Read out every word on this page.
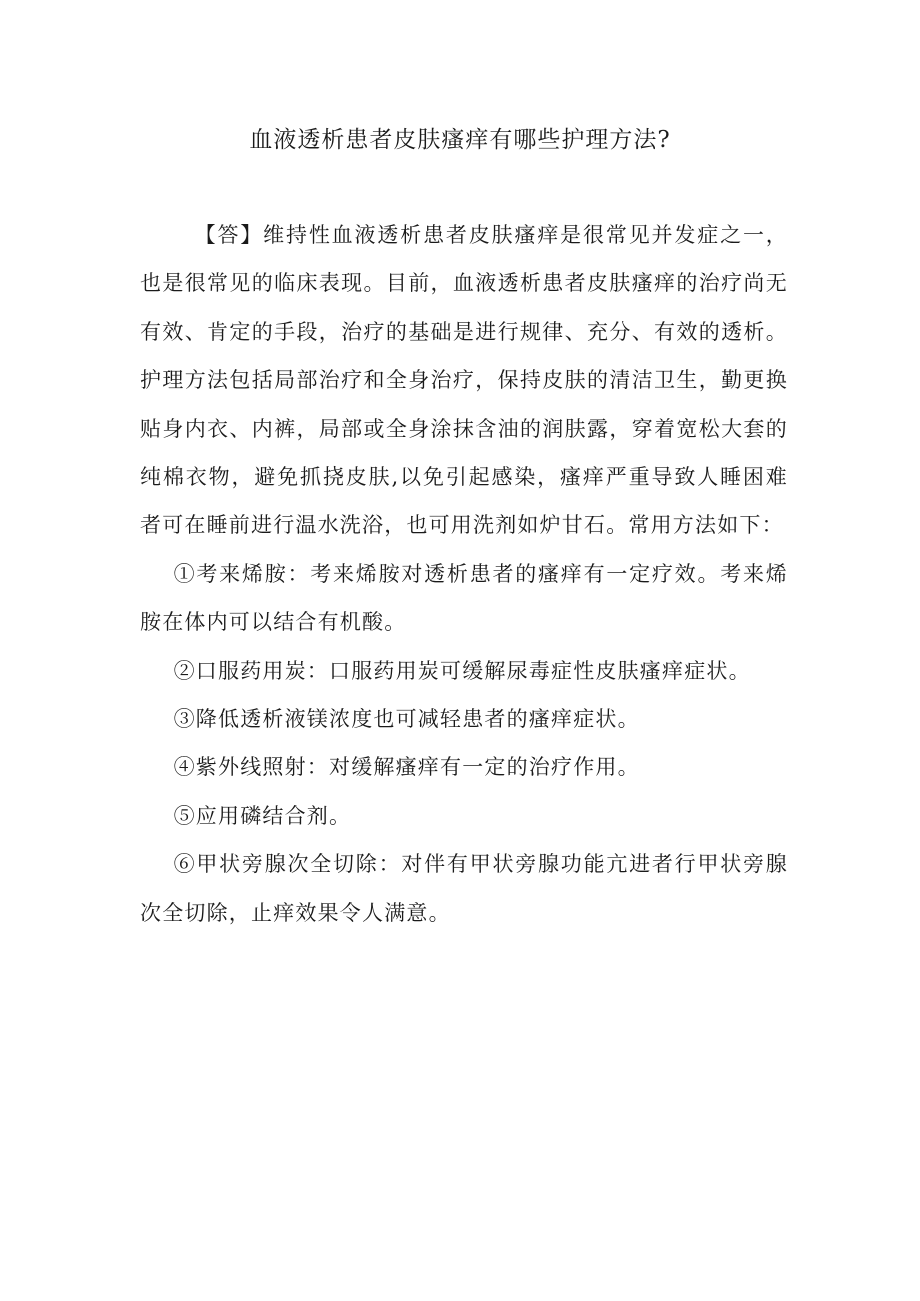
血液透析患者皮肤瘙痒有哪些护理方法?

【答】维持性血液透析患者皮肤瘙痒是很常见并发症之一，也是很常见的临床表现。目前，血液透析患者皮肤瘙痒的治疗尚无有效、肯定的手段，治疗的基础是进行规律、充分、有效的透析。护理方法包括局部治疗和全身治疗，保持皮肤的清洁卫生，勤更换贴身内衣、内裤，局部或全身涂抹含油的润肤露，穿着宽松大套的纯棉衣物，避免抓挠皮肤,以免引起感染，瘙痒严重导致人睡困难者可在睡前进行温水洗浴，也可用洗剂如炉甘石。常用方法如下：

①考来烯胺：考来烯胺对透析患者的瘙痒有一定疗效。考来烯胺在体内可以结合有机酸。

②口服药用炭：口服药用炭可缓解尿毒症性皮肤瘙痒症状。

③降低透析液镁浓度也可减轻患者的瘙痒症状。

④紫外线照射：对缓解瘙痒有一定的治疗作用。

⑤应用磷结合剂。

⑥甲状旁腺次全切除：对伴有甲状旁腺功能亢进者行甲状旁腺次全切除，止痒效果令人满意。
